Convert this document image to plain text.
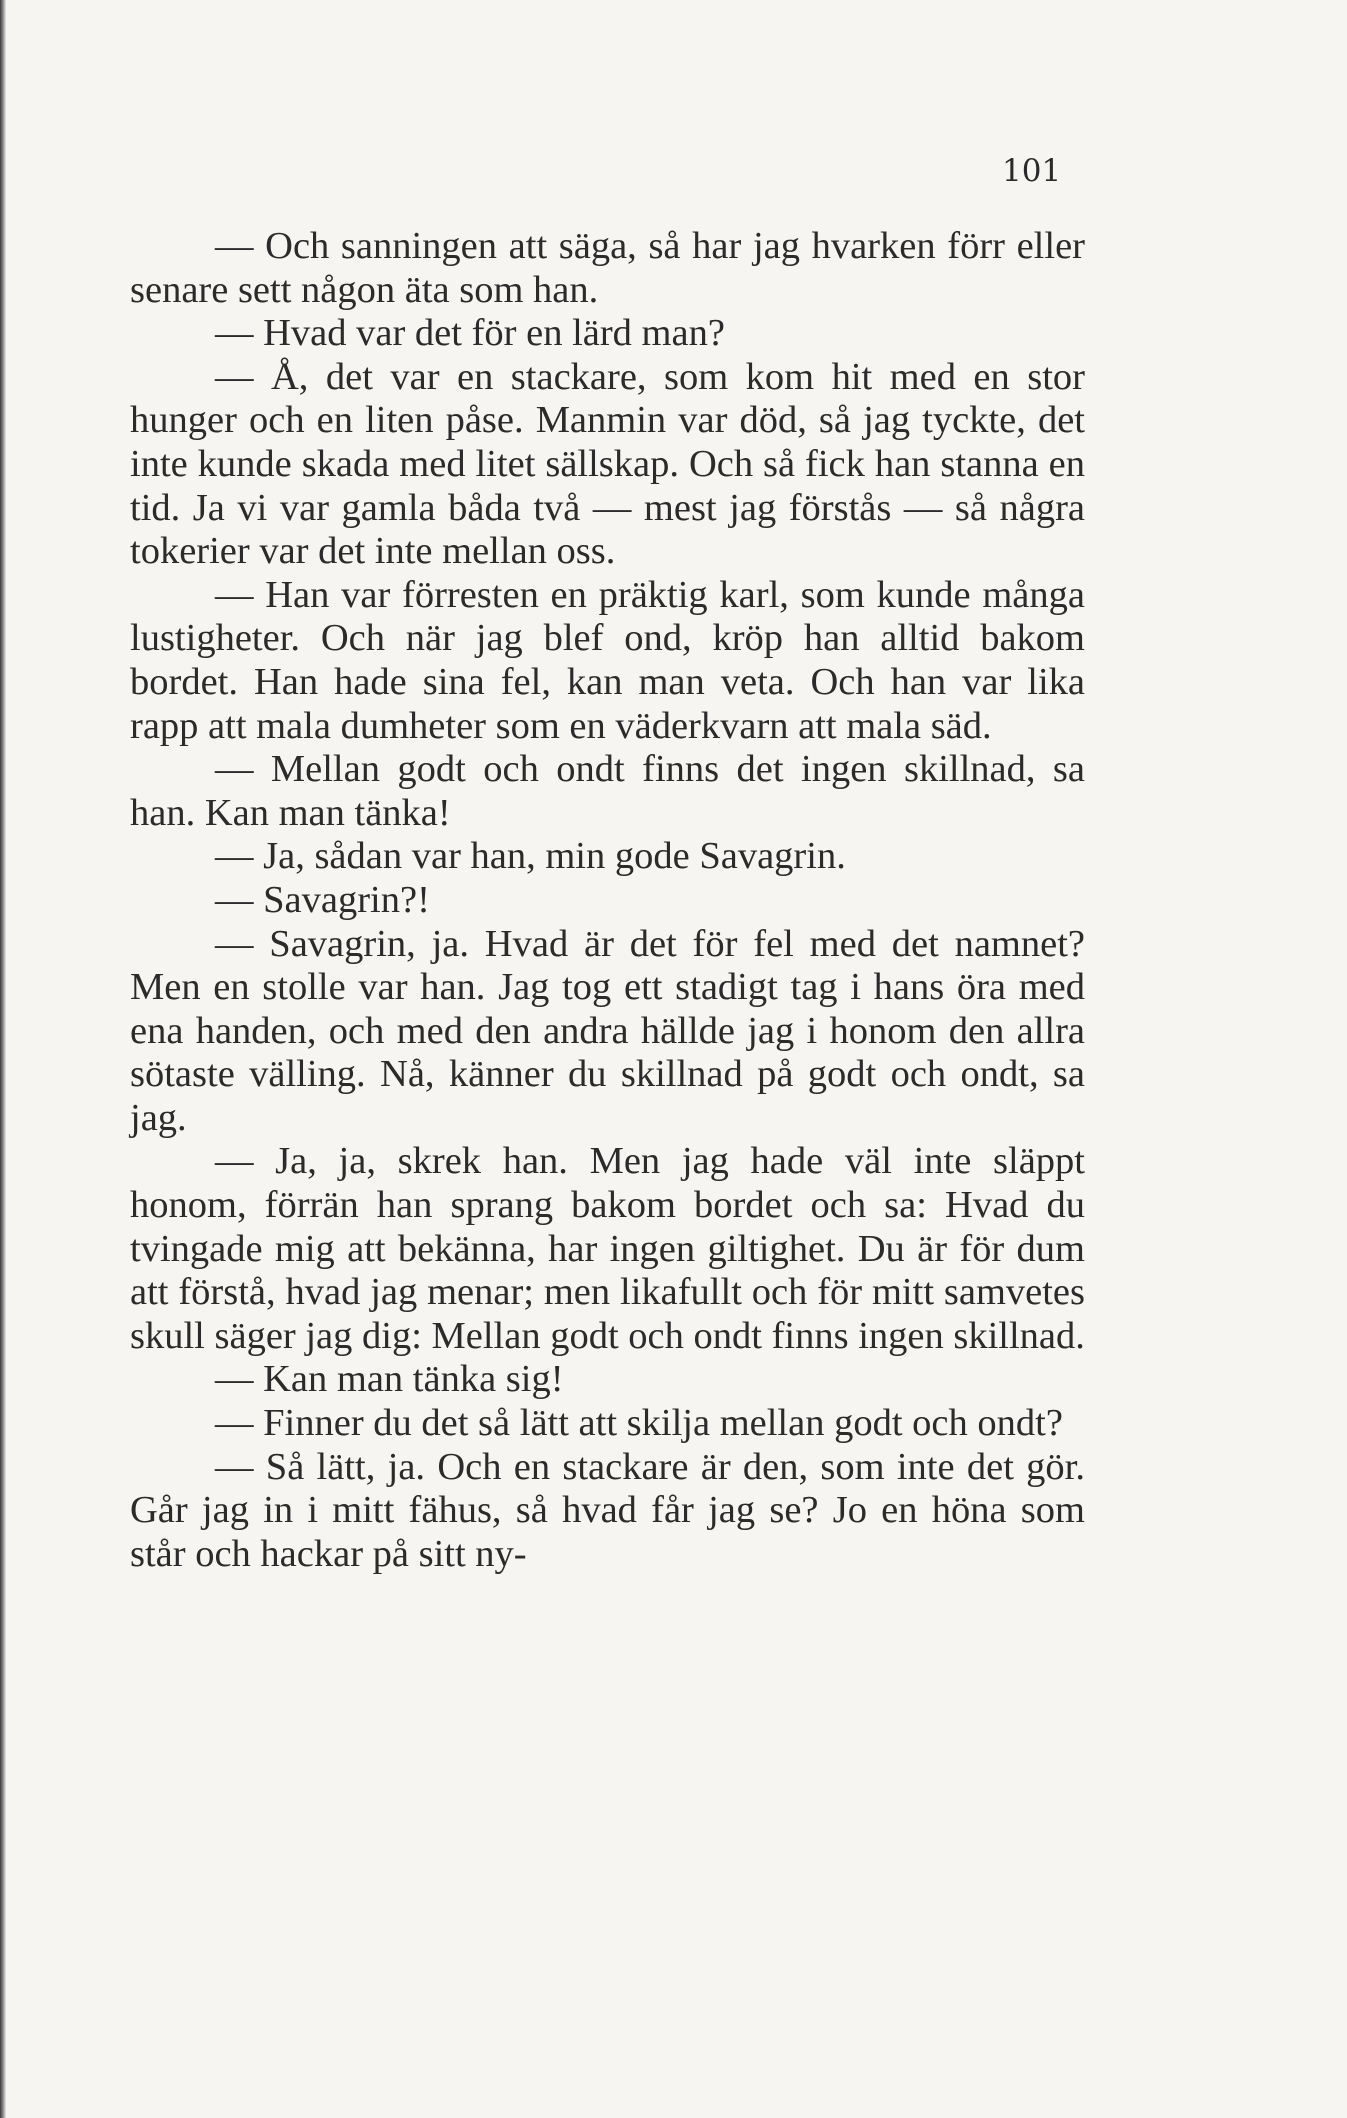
101

— Och sanningen att säga, så har jag hvarken förr eller senare sett någon äta som han.

— Hvad var det för en lärd man?

— Å, det var en stackare, som kom hit med en stor hunger och en liten påse. Manmin var död, så jag tyckte, det inte kunde skada med litet sällskap. Och så fick han stanna en tid. Ja vi var gamla båda två — mest jag förstås — så några tokerier var det inte mellan oss.

— Han var förresten en präktig karl, som kunde många lustigheter. Och när jag blef ond, kröp han alltid bakom bordet. Han hade sina fel, kan man veta. Och han var lika rapp att mala dumheter som en väderkvarn att mala säd.

— Mellan godt och ondt finns det ingen skillnad, sa han. Kan man tänka!

— Ja, sådan var han, min gode Savagrin.

— Savagrin?!

— Savagrin, ja. Hvad är det för fel med det namnet? Men en stolle var han. Jag tog ett stadigt tag i hans öra med ena handen, och med den andra hällde jag i honom den allra sötaste välling. Nå, känner du skillnad på godt och ondt, sa jag.

— Ja, ja, skrek han. Men jag hade väl inte släppt honom, förrän han sprang bakom bordet och sa: Hvad du tvingade mig att bekänna, har ingen giltighet. Du är för dum att förstå, hvad jag menar; men likafullt och för mitt samvetes skull säger jag dig: Mellan godt och ondt finns ingen skillnad.

— Kan man tänka sig!

— Finner du det så lätt att skilja mellan godt och ondt?

— Så lätt, ja. Och en stackare är den, som inte det gör. Går jag in i mitt fähus, så hvad får jag se? Jo en höna som står och hackar på sitt ny-
